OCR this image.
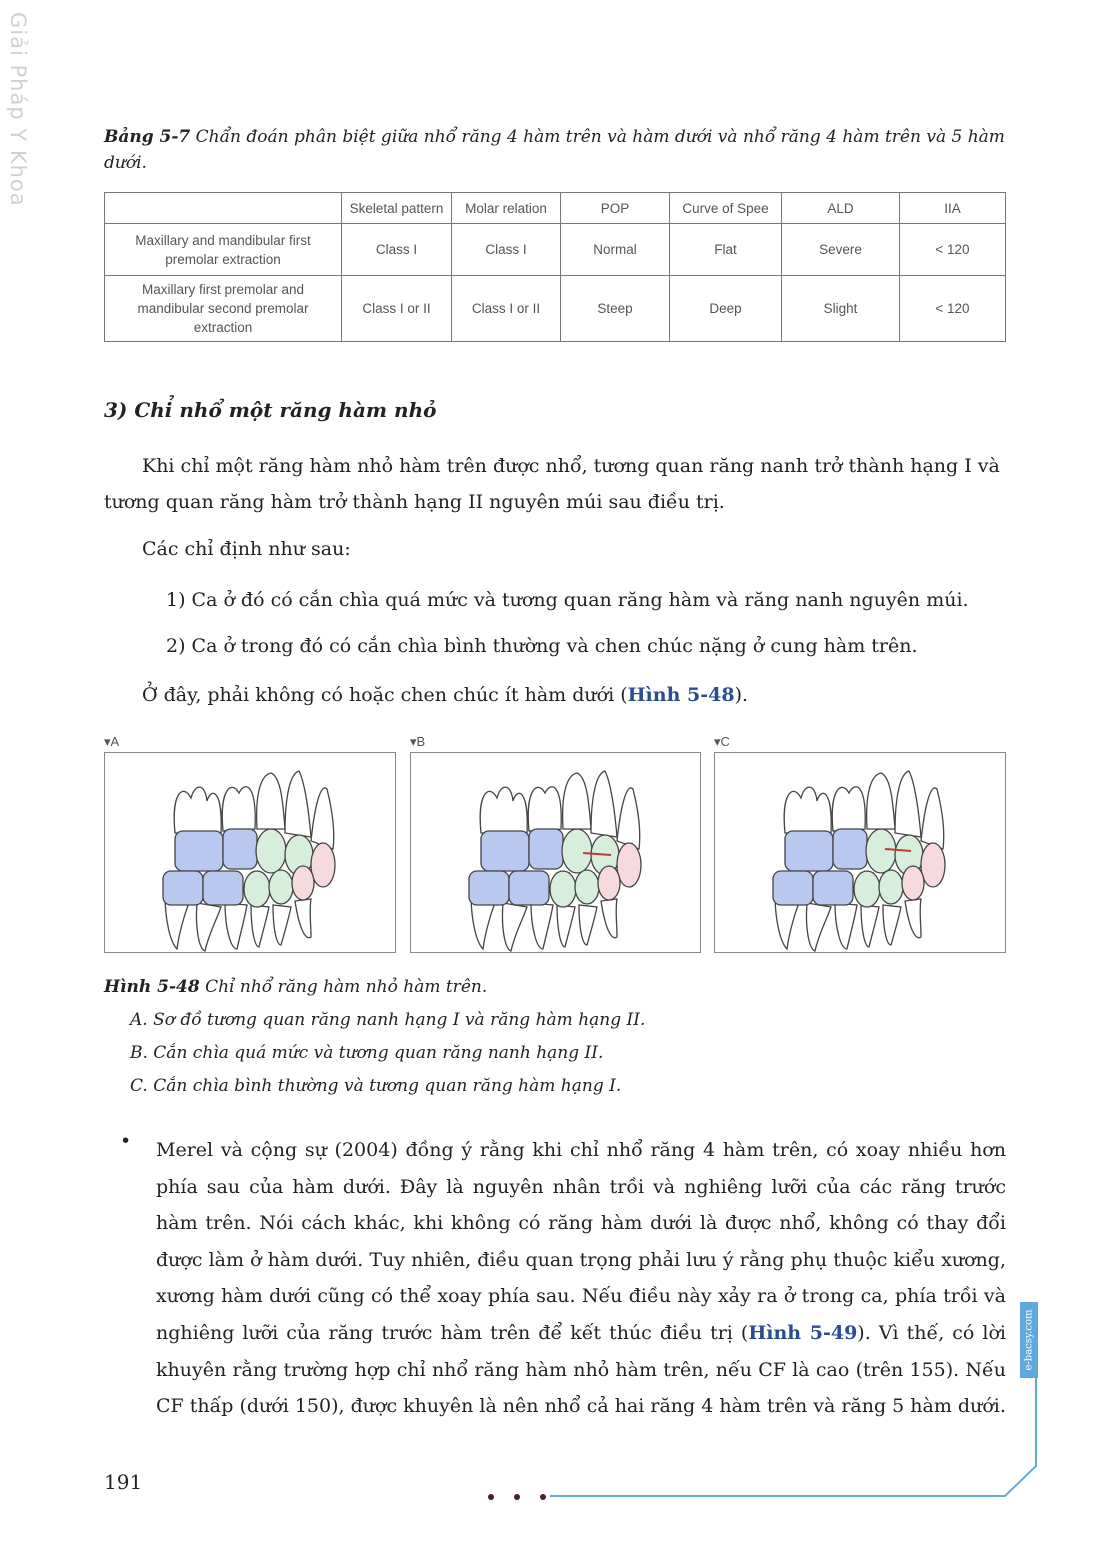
Giải Pháp Y Khoa	Bảng 5-7 Chẩn đoán phân biệt giữa nhổ răng 4 hàm trên và hàm dưới và nhổ răng 4 hàm trên và 5 hàm dưới.
	Skeletal pattern	Molar relation	POP	Curve of Spee	ALD	IIA
Maxillary and mandibular first premolar extraction	Class I	Class I	Normal	Flat	Severe	< 120
Maxillary first premolar and mandibular second premolar extraction	Class I or II	Class I or II	Steep	Deep	Slight	< 120
3) Chỉ nhổ một răng hàm nhỏ
Khi chỉ một răng hàm nhỏ hàm trên được nhổ, tương quan răng nanh trở thành hạng I và tương quan răng hàm trở thành hạng II nguyên múi sau điều trị.
Các chỉ định như sau:
1) Ca ở đó có cắn chìa quá mức và tương quan răng hàm và răng nanh nguyên múi.
2) Ca ở trong đó có cắn chìa bình thường và chen chúc nặng ở cung hàm trên.
Ở đây, phải không có hoặc chen chúc ít hàm dưới (Hình 5-48).
▾A	▾B	▾C
Hình 5-48 Chỉ nhổ răng hàm nhỏ hàm trên.
A. Sơ đồ tương quan răng nanh hạng I và răng hàm hạng II.
B. Cắn chìa quá mức và tương quan răng nanh hạng II.
C. Cắn chìa bình thường và tương quan răng hàm hạng I.
• Merel và cộng sự (2004) đồng ý rằng khi chỉ nhổ răng 4 hàm trên, có xoay nhiều hơn phía sau của hàm dưới. Đây là nguyên nhân trồi và nghiêng lưỡi của các răng trước hàm trên. Nói cách khác, khi không có răng hàm dưới là được nhổ, không có thay đổi được làm ở hàm dưới. Tuy nhiên, điều quan trọng phải lưu ý rằng phụ thuộc kiểu xương, xương hàm dưới cũng có thể xoay phía sau. Nếu điều này xảy ra ở trong ca, phía trồi và nghiêng lưỡi của răng trước hàm trên để kết thúc điều trị (Hình 5-49). Vì thế, có lời khuyên rằng trường hợp chỉ nhổ răng hàm nhỏ hàm trên, nếu CF là cao (trên 155). Nếu CF thấp (dưới 150), được khuyên là nên nhổ cả hai răng 4 hàm trên và răng 5 hàm dưới.
e-bacsy.com
191
